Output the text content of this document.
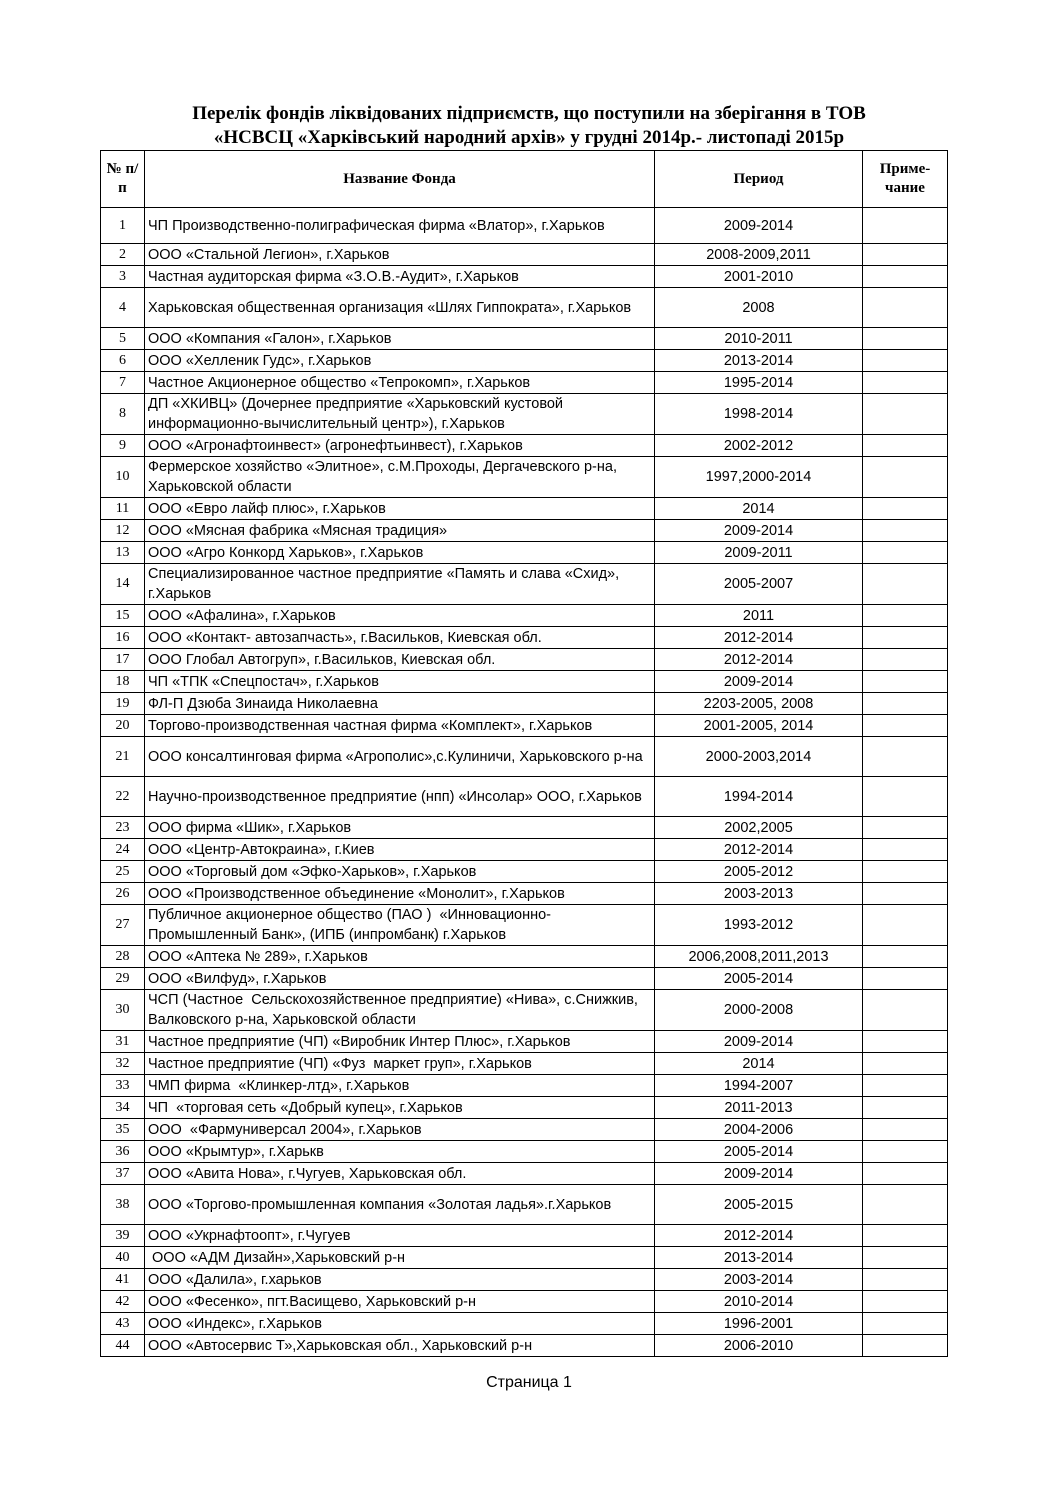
Перелік фондів ліквідованих підприємств, що поступили на зберігання в ТОВ
«НСВСЦ «Харківський народний архів» у грудні 2014р.- листопаді 2015р
№ п/п	Название Фонда	Период	Приме-чание
1	ЧП Производственно-полиграфическая фирма «Влатор», г.Харьков	2009-2014	
2	ООО «Стальной Легион», г.Харьков	2008-2009,2011	
3	Частная аудиторская фирма «З.О.В.-Аудит», г.Харьков	2001-2010	
4	Харьковская общественная организация «Шлях Гиппократа», г.Харьков	2008	
5	ООО «Компания «Галон», г.Харьков	2010-2011	
6	ООО «Хелленик Гудс», г.Харьков	2013-2014	
7	Частное Акционерное общество «Тепрокомп», г.Харьков	1995-2014	
8	ДП «ХКИВЦ» (Дочернее предприятие «Харьковский кустовой информационно-вычислительный центр»), г.Харьков	1998-2014	
9	ООО «Агронафтоинвест» (агронефтьинвест), г.Харьков	2002-2012	
10	Фермерское хозяйство «Элитное», с.М.Проходы, Дергачевского р-на, Харьковской области	1997,2000-2014	
11	ООО «Евро лайф плюс», г.Харьков	2014	
12	ООО «Мясная фабрика «Мясная традиция»	2009-2014	
13	ООО «Агро Конкорд Харьков», г.Харьков	2009-2011	
14	Специализированное частное предприятие «Память и слава «Схид», г.Харьков	2005-2007	
15	ООО «Афалина», г.Харьков	2011	
16	ООО «Контакт- автозапчасть», г.Васильков, Киевская обл.	2012-2014	
17	ООО Глобал Автогруп», г.Васильков, Киевская обл.	2012-2014	
18	ЧП «ТПК «Спецпостач», г.Харьков	2009-2014	
19	ФЛ-П Дзюба Зинаида Николаевна	2203-2005, 2008	
20	Торгово-производственная частная фирма «Комплект», г.Харьков	2001-2005, 2014	
21	ООО консалтинговая фирма «Агрополис»,с.Кулиничи, Харьковского р-на	2000-2003,2014	
22	Научно-производственное предприятие (нпп) «Инсолар» ООО, г.Харьков	1994-2014	
23	ООО фирма «Шик», г.Харьков	2002,2005	
24	ООО «Центр-Автокраина», г.Киев	2012-2014	
25	ООО «Торговый дом «Эфко-Харьков», г.Харьков	2005-2012	
26	ООО «Производственное объединение «Монолит», г.Харьков	2003-2013	
27	Публичное акционерное общество (ПАО )  «Инновационно-Промышленный Банк», (ИПБ (инпромбанк) г.Харьков	1993-2012	
28	ООО «Аптека № 289», г.Харьков	2006,2008,2011,2013	
29	ООО «Вилфуд», г.Харьков	2005-2014	
30	ЧСП (Частное  Сельскохозяйственное предприятие) «Нива», с.Снижкив,  Валковского р-на, Харьковской области	2000-2008	
31	Частное предприятие (ЧП) «Виробник Интер Плюс», г.Харьков	2009-2014	
32	Частное предприятие (ЧП) «Фуз  маркет груп», г.Харьков	2014	
33	ЧМП фирма  «Клинкер-лтд», г.Харьков	1994-2007	
34	ЧП  «торговая сеть «Добрый купец», г.Харьков	2011-2013	
35	ООО  «Фармуниверсал 2004», г.Харьков	2004-2006	
36	ООО «Крымтур», г.Харькв	2005-2014	
37	ООО «Авита Нова», г.Чугуев, Харьковская обл.	2009-2014	
38	ООО «Торгово-промышленная компания «Золотая ладья».г.Харьков	2005-2015	
39	ООО «Укрнафтоопт», г.Чугуев	2012-2014	
40	ООО «АДМ Дизайн»,Харьковский р-н	2013-2014	
41	ООО «Далила», г.харьков	2003-2014	
42	ООО «Фесенко», пгт.Васищево, Харьковский р-н	2010-2014	
43	ООО «Индекс», г.Харьков	1996-2001	
44	ООО «Автосервис Т»,Харьковская обл., Харьковский р-н	2006-2010	
Страница 1
